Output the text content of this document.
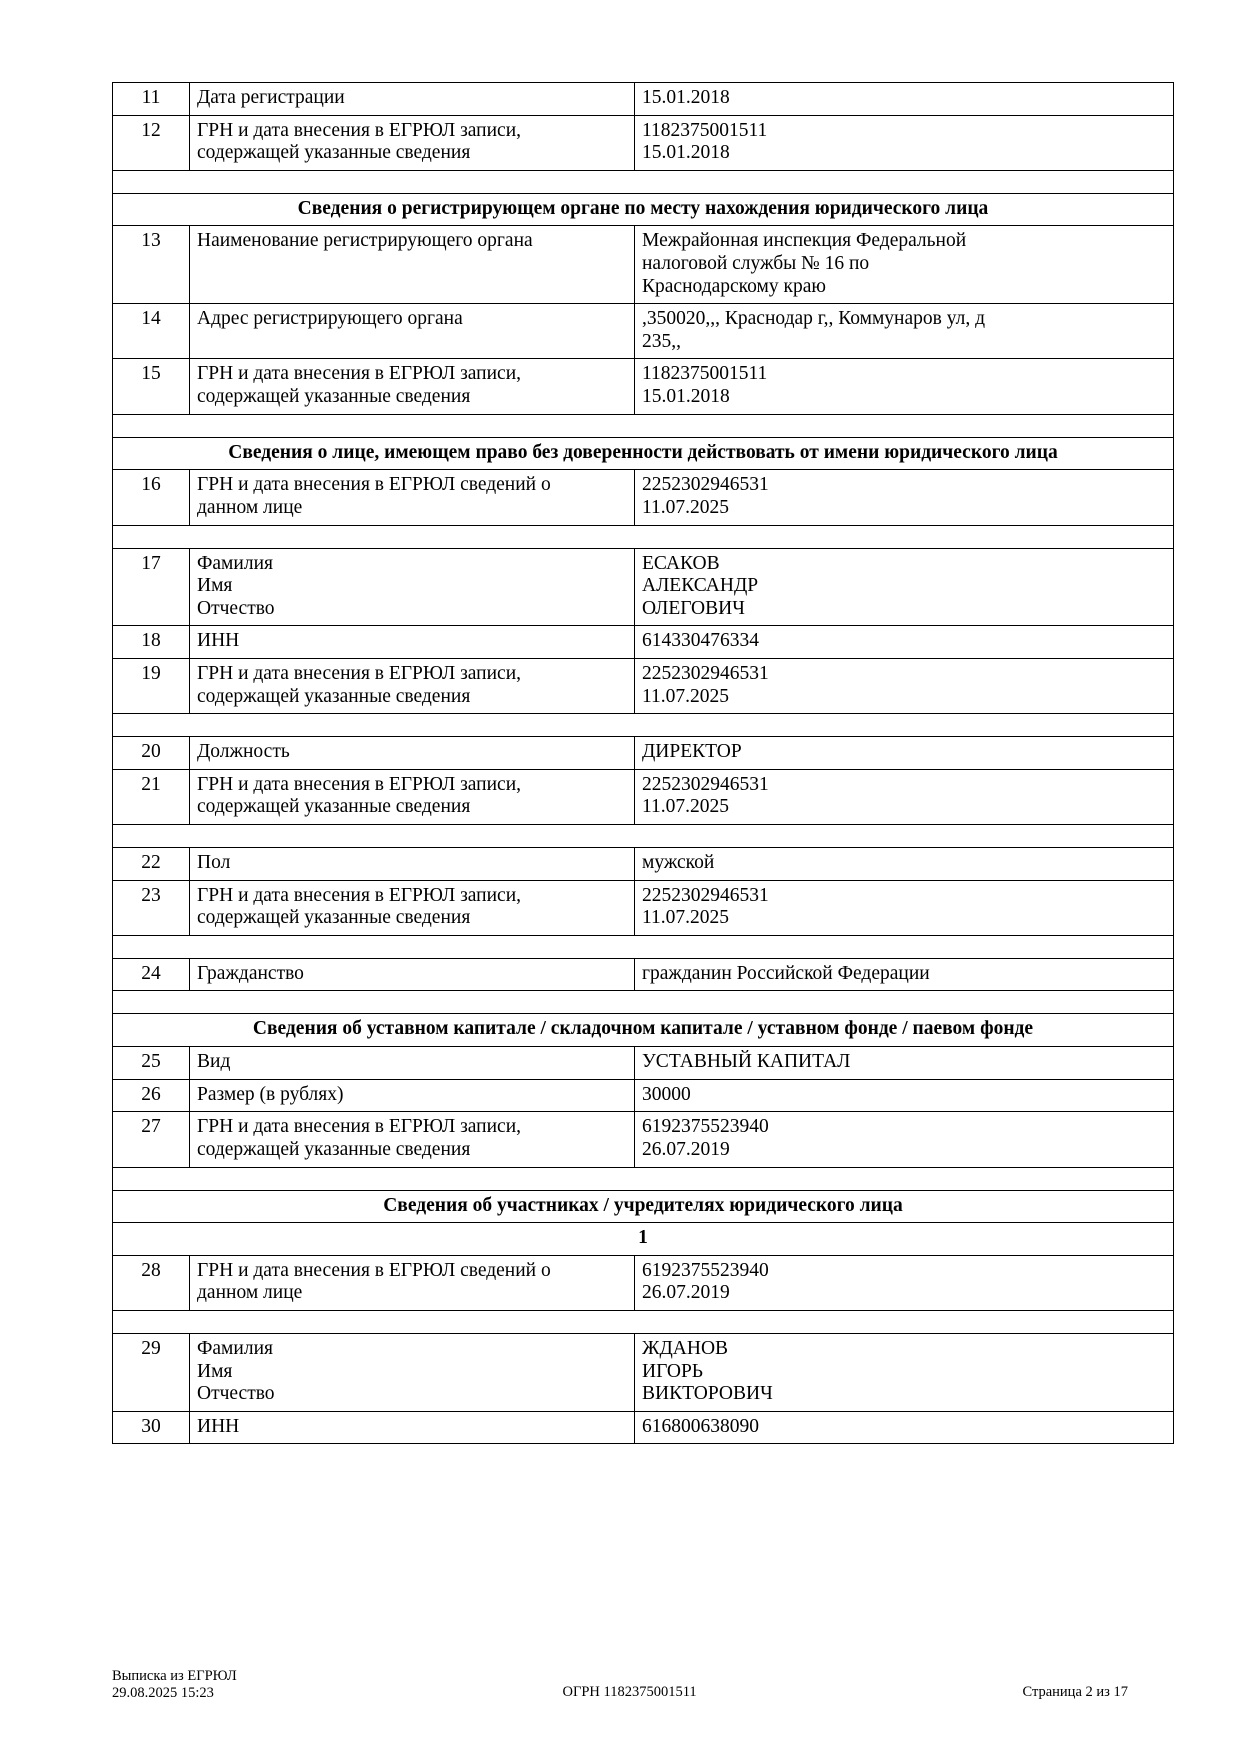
11	Дата регистрации	15.01.2018

12	ГРН и дата внесения в ЕГРЮЛ записи,
содержащей указанные сведения	1182375001511
15.01.2018

Сведения о регистрирующем органе по месту нахождения юридического лица		
13	Наименование регистрирующего органа	Межрайонная инспекция Федеральной
налоговой службы № 16 по
Краснодарскому краю

14	Адрес регистрирующего органа	,350020,,, Краснодар г,, Коммунаров ул, д
235,,

15	ГРН и дата внесения в ЕГРЮЛ записи,
содержащей указанные сведения	1182375001511
15.01.2018

Сведения о лице, имеющем право без доверенности действовать от имени юридического лица		
16	ГРН и дата внесения в ЕГРЮЛ сведений о
данном лице	2252302946531
11.07.2025

17	Фамилия
Имя
Отчество	ЕСАКОВ
АЛЕКСАНДР
ОЛЕГОВИЧ

18	ИНН	614330476334

19	ГРН и дата внесения в ЕГРЮЛ записи,
содержащей указанные сведения	2252302946531
11.07.2025

20	Должность	ДИРЕКТОР

21	ГРН и дата внесения в ЕГРЮЛ записи,
содержащей указанные сведения	2252302946531
11.07.2025

22	Пол	мужской

23	ГРН и дата внесения в ЕГРЮЛ записи,
содержащей указанные сведения	2252302946531
11.07.2025

24	Гражданство	гражданин Российской Федерации

Сведения об уставном капитале / складочном капитале / уставном фонде / паевом фонде		
25	Вид	УСТАВНЫЙ КАПИТАЛ

26	Размер (в рублях)	30000

27	ГРН и дата внесения в ЕГРЮЛ записи,
содержащей указанные сведения	6192375523940
26.07.2019

Сведения об участниках / учредителях юридического лица		
1		
28	ГРН и дата внесения в ЕГРЮЛ сведений о
данном лице	6192375523940
26.07.2019

29	Фамилия
Имя
Отчество	ЖДАНОВ
ИГОРЬ
ВИКТОРОВИЧ

30	ИНН	616800638090
Выписка из ЕГРЮЛ
29.08.2025 15:23	ОГРН 1182375001511	Страница 2 из 17
